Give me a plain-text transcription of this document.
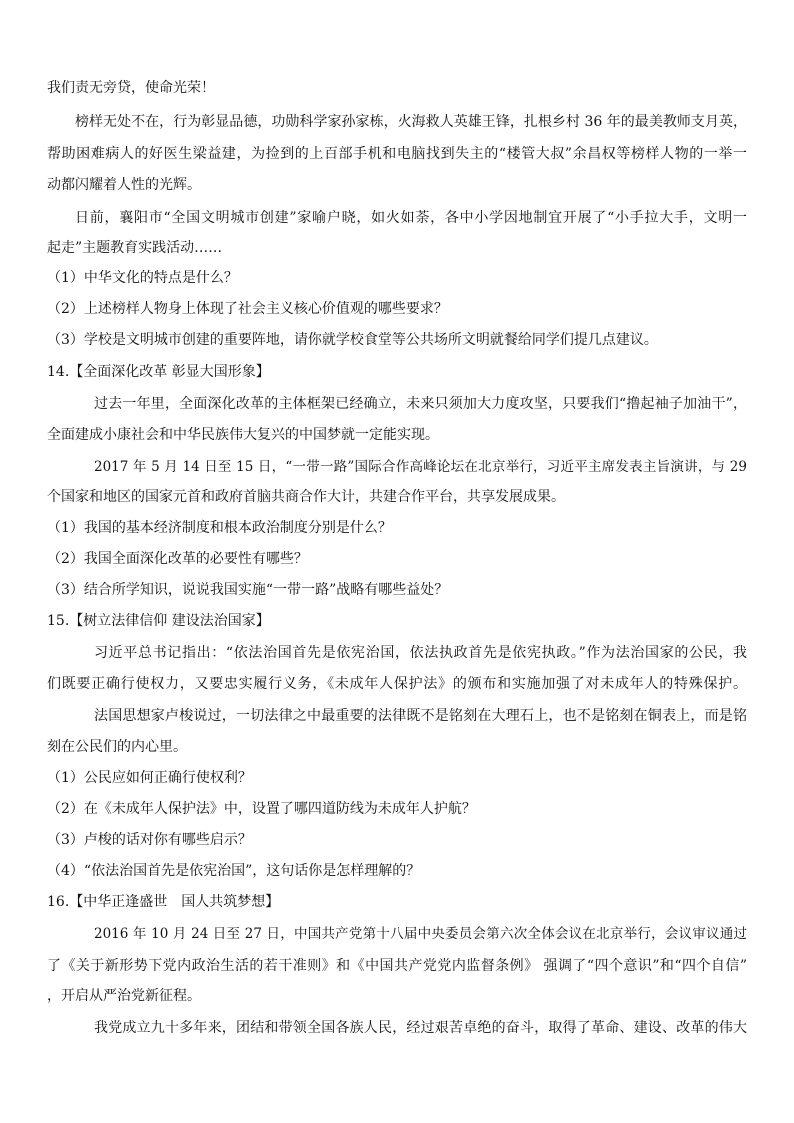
我们责无旁贷，使命光荣！
榜样无处不在，行为彰显品德，功勋科学家孙家栋，火海救人英雄王锋，扎根乡村 36 年的最美教师支月英，
帮助困难病人的好医生梁益建，为捡到的上百部手机和电脑找到失主的“楼管大叔”余昌权等榜样人物的一举一
动都闪耀着人性的光辉。
日前，襄阳市“全国文明城市创建”家喻户晓，如火如荼，各中小学因地制宜开展了“小手拉大手，文明一
起走”主题教育实践活动……
（1）中华文化的特点是什么？
（2）上述榜样人物身上体现了社会主义核心价值观的哪些要求？
（3）学校是文明城市创建的重要阵地，请你就学校食堂等公共场所文明就餐给同学们提几点建议。
14.【全面深化改革 彰显大国形象】
过去一年里，全面深化改革的主体框架已经确立，未来只须加大力度攻坚，只要我们“撸起袖子加油干”，
全面建成小康社会和中华民族伟大复兴的中国梦就一定能实现。
2017 年 5 月 14 日至 15 日，“一带一路”国际合作高峰论坛在北京举行，习近平主席发表主旨演讲，与 29
个国家和地区的国家元首和政府首脑共商合作大计，共建合作平台，共享发展成果。
（1）我国的基本经济制度和根本政治制度分别是什么？
（2）我国全面深化改革的必要性有哪些？
（3）结合所学知识，说说我国实施“一带一路”战略有哪些益处？
15.【树立法律信仰 建设法治国家】
习近平总书记指出：“依法治国首先是依宪治国，依法执政首先是依宪执政。”作为法治国家的公民，我
们既要正确行使权力，又要忠实履行义务，《未成年人保护法》的颁布和实施加强了对未成年人的特殊保护。
法国思想家卢梭说过，一切法律之中最重要的法律既不是铭刻在大理石上，也不是铭刻在铜表上，而是铭
刻在公民们的内心里。
（1）公民应如何正确行使权利？
（2）在《未成年人保护法》中，设置了哪四道防线为未成年人护航？
（3）卢梭的话对你有哪些启示？
（4）“依法治国首先是依宪治国”，这句话你是怎样理解的？
16.【中华正逢盛世　国人共筑梦想】
2016 年 10 月 24 日至 27 日，中国共产党第十八届中央委员会第六次全体会议在北京举行，会议审议通过
了《关于新形势下党内政治生活的若干准则》和《中国共产党党内监督条例》 强调了“四个意识”和“四个自信”
，开启从严治党新征程。
我党成立九十多年来，团结和带领全国各族人民，经过艰苦卓绝的奋斗，取得了革命、建设、改革的伟大
